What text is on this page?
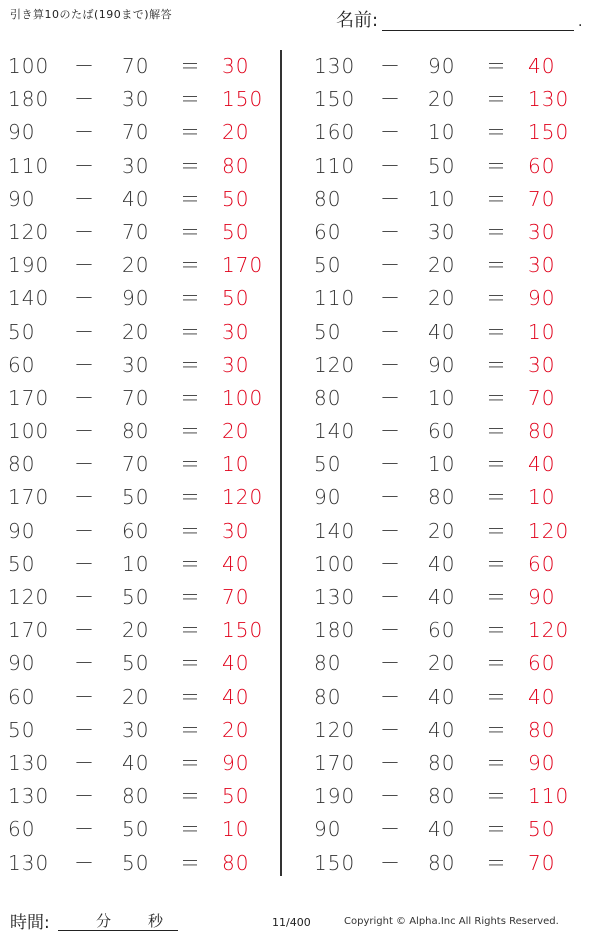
引き算10のたば(190まで)解答	名前:	.
100 － 70 ＝ 30
180 － 30 ＝ 150
90 － 70 ＝ 20
110 － 30 ＝ 80
90 － 40 ＝ 50
120 － 70 ＝ 50
190 － 20 ＝ 170
140 － 90 ＝ 50
50 － 20 ＝ 30
60 － 30 ＝ 30
170 － 70 ＝ 100
100 － 80 ＝ 20
80 － 70 ＝ 10
170 － 50 ＝ 120
90 － 60 ＝ 30
50 － 10 ＝ 40
120 － 50 ＝ 70
170 － 20 ＝ 150
90 － 50 ＝ 40
60 － 20 ＝ 40
50 － 30 ＝ 20
130 － 40 ＝ 90
130 － 80 ＝ 50
60 － 50 ＝ 10
130 － 50 ＝ 80
130 － 90 ＝ 40
150 － 20 ＝ 130
160 － 10 ＝ 150
110 － 50 ＝ 60
80 － 10 ＝ 70
60 － 30 ＝ 30
50 － 20 ＝ 30
110 － 20 ＝ 90
50 － 40 ＝ 10
120 － 90 ＝ 30
80 － 10 ＝ 70
140 － 60 ＝ 80
50 － 10 ＝ 40
90 － 80 ＝ 10
140 － 20 ＝ 120
100 － 40 ＝ 60
130 － 40 ＝ 90
180 － 60 ＝ 120
80 － 20 ＝ 60
80 － 40 ＝ 40
120 － 40 ＝ 80
170 － 80 ＝ 90
190 － 80 ＝ 110
90 － 40 ＝ 50
150 － 80 ＝ 70
時間:	分 秒	11/400	Copyright © Alpha.Inc All Rights Reserved.
